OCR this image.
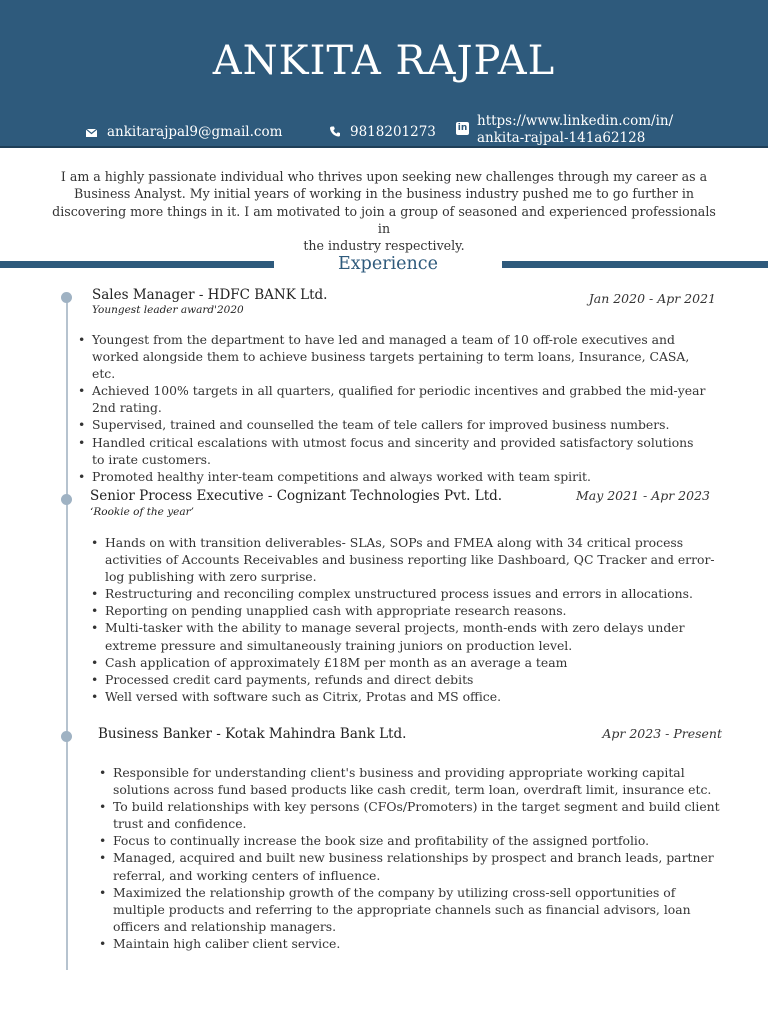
ANKITA RAJPAL
ankitarajpal9@gmail.com	9818201273 in https://www.linkedin.com/in/
ankita-rajpal-141a62128
I am a highly passionate individual who thrives upon seeking new challenges through my career as a
Business Analyst. My initial years of working in the business industry pushed me to go further in
discovering more things in it. I am motivated to join a group of seasoned and experienced professionals in
the industry respectively.
Experience
Sales Manager - HDFC BANK Ltd.	Jan 2020 - Apr 2021
Youngest leader award'2020
• Youngest from the department to have led and managed a team of 10 off-role executives and
worked alongside them to achieve business targets pertaining to term loans, Insurance, CASA, etc.
• Achieved 100% targets in all quarters, qualified for periodic incentives and grabbed the mid-year
2nd rating.
• Supervised, trained and counselled the team of tele callers for improved business numbers.
• Handled critical escalations with utmost focus and sincerity and provided satisfactory solutions
to irate customers.
• Promoted healthy inter-team competitions and always worked with team spirit.
Senior Process Executive - Cognizant Technologies Pvt. Ltd.	May 2021 - Apr 2023
‘Rookie of the year’
• Hands on with transition deliverables- SLAs, SOPs and FMEA along with 34 critical process
activities of Accounts Receivables and business reporting like Dashboard, QC Tracker and error-
log publishing with zero surprise.
• Restructuring and reconciling complex unstructured process issues and errors in allocations.
• Reporting on pending unapplied cash with appropriate research reasons.
• Multi-tasker with the ability to manage several projects, month-ends with zero delays under
extreme pressure and simultaneously training juniors on production level.
• Cash application of approximately £18M per month as an average a team
• Processed credit card payments, refunds and direct debits
• Well versed with software such as Citrix, Protas and MS office.
Business Banker - Kotak Mahindra Bank Ltd.	Apr 2023 - Present
• Responsible for understanding client's business and providing appropriate working capital
solutions across fund based products like cash credit, term loan, overdraft limit, insurance etc.
• To build relationships with key persons (CFOs/Promoters) in the target segment and build client
trust and confidence.
• Focus to continually increase the book size and profitability of the assigned portfolio.
• Managed, acquired and built new business relationships by prospect and branch leads, partner
referral, and working centers of influence.
• Maximized the relationship growth of the company by utilizing cross-sell opportunities of
multiple products and referring to the appropriate channels such as financial advisors, loan
officers and relationship managers.
• Maintain high caliber client service.
